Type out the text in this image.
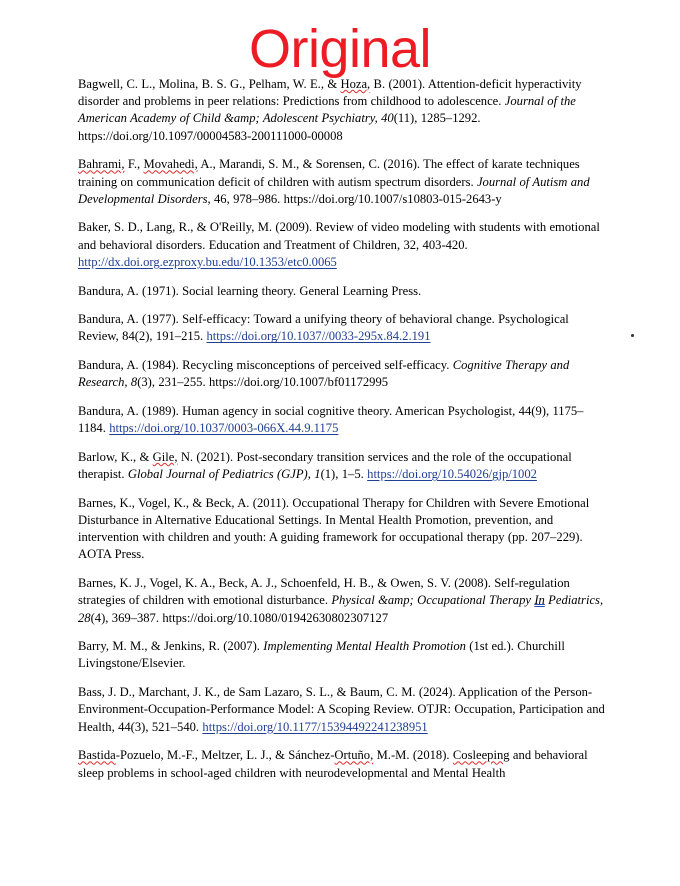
Original

Bagwell, C. L., Molina, B. S. G., Pelham, W. E., & Hoza, B. (2001). Attention-deficit hyperactivity disorder and problems in peer relations: Predictions from childhood to adolescence. Journal of the American Academy of Child &amp; Adolescent Psychiatry, 40(11), 1285–1292. https://doi.org/10.1097/00004583-200111000-00008

Bahrami, F., Movahedi, A., Marandi, S. M., & Sorensen, C. (2016). The effect of karate techniques training on communication deficit of children with autism spectrum disorders. Journal of Autism and Developmental Disorders, 46, 978–986. https://doi.org/10.1007/s10803-015-2643-y

Baker, S. D., Lang, R., & O'Reilly, M. (2009). Review of video modeling with students with emotional and behavioral disorders. Education and Treatment of Children, 32, 403-420. http://dx.doi.org.ezproxy.bu.edu/10.1353/etc0.0065

Bandura, A. (1971). Social learning theory. General Learning Press.

Bandura, A. (1977). Self-efficacy: Toward a unifying theory of behavioral change. Psychological Review, 84(2), 191–215. https://doi.org/10.1037//0033-295x.84.2.191

Bandura, A. (1984). Recycling misconceptions of perceived self-efficacy. Cognitive Therapy and Research, 8(3), 231–255. https://doi.org/10.1007/bf01172995

Bandura, A. (1989). Human agency in social cognitive theory. American Psychologist, 44(9), 1175–1184. https://doi.org/10.1037/0003-066X.44.9.1175

Barlow, K., & Gile, N. (2021). Post-secondary transition services and the role of the occupational therapist. Global Journal of Pediatrics (GJP), 1(1), 1–5. https://doi.org/10.54026/gjp/1002

Barnes, K., Vogel, K., & Beck, A. (2011). Occupational Therapy for Children with Severe Emotional Disturbance in Alternative Educational Settings. In Mental Health Promotion, prevention, and intervention with children and youth: A guiding framework for occupational therapy (pp. 207–229). AOTA Press.

Barnes, K. J., Vogel, K. A., Beck, A. J., Schoenfeld, H. B., & Owen, S. V. (2008). Self-regulation strategies of children with emotional disturbance. Physical &amp; Occupational Therapy In Pediatrics, 28(4), 369–387. https://doi.org/10.1080/01942630802307127

Barry, M. M., & Jenkins, R. (2007). Implementing Mental Health Promotion (1st ed.). Churchill Livingstone/Elsevier.

Bass, J. D., Marchant, J. K., de Sam Lazaro, S. L., & Baum, C. M. (2024). Application of the Person-Environment-Occupation-Performance Model: A Scoping Review. OTJR: Occupation, Participation and Health, 44(3), 521–540. https://doi.org/10.1177/15394492241238951

Bastida-Pozuelo, M.-F., Meltzer, L. J., & Sánchez-Ortuño, M.-M. (2018). Cosleeping and behavioral sleep problems in school-aged children with neurodevelopmental and Mental Health
